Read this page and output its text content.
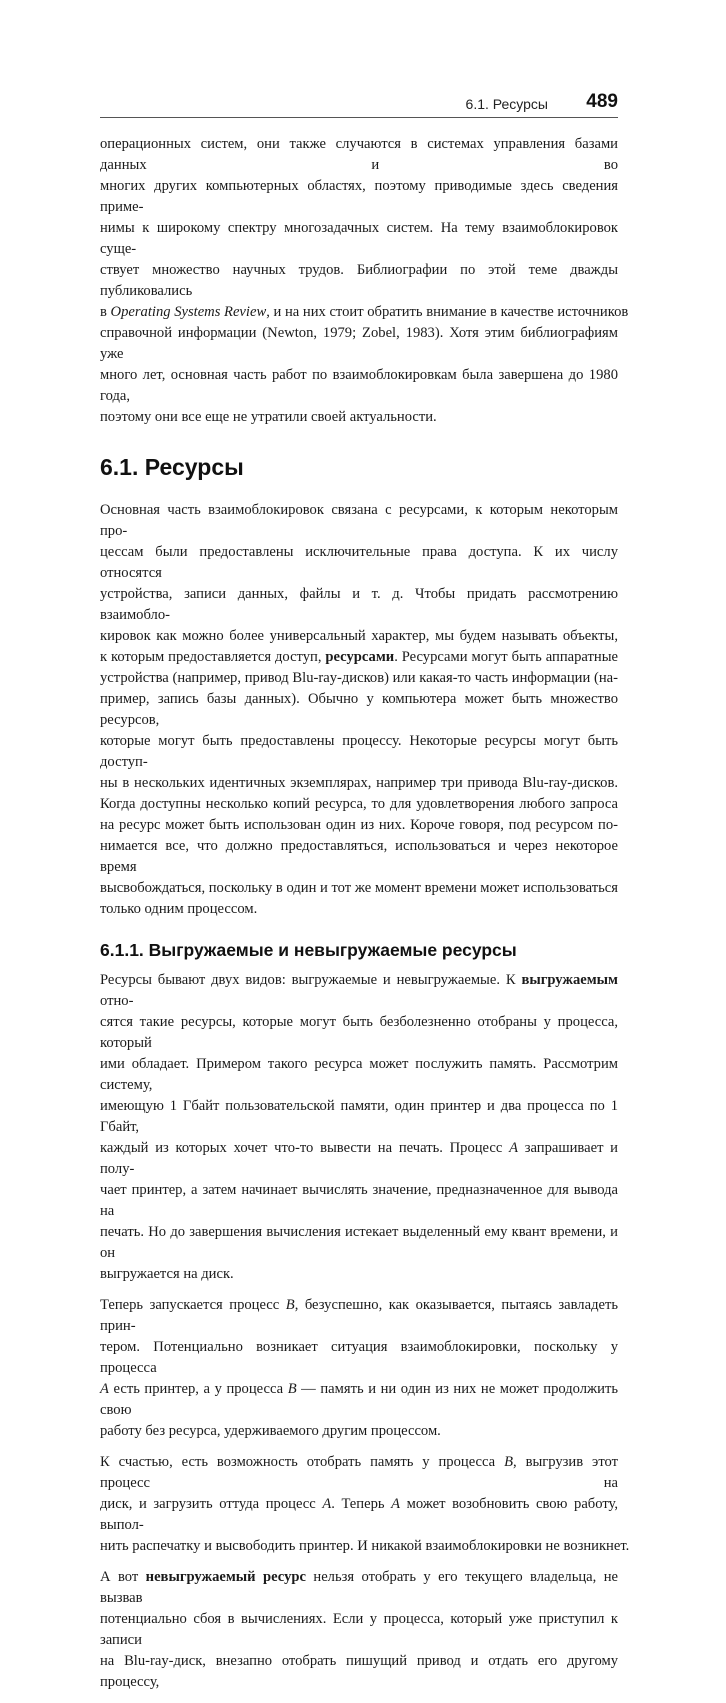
6.1. Ресурсы 489

операционных систем, они также случаются в системах управления базами данных и во
многих других компьютерных областях, поэтому приводимые здесь сведения приме-
нимы к широкому спектру многозадачных систем. На тему взаимоблокировок суще-
ствует множество научных трудов. Библиографии по этой теме дважды публиковались
в Operating Systems Review, и на них стоит обратить внимание в качестве источников
справочной информации (Newton, 1979; Zobel, 1983). Хотя этим библиографиям уже
много лет, основная часть работ по взаимоблокировкам была завершена до 1980 года,
поэтому они все еще не утратили своей актуальности.

6.1. Ресурсы

Основная часть взаимоблокировок связана с ресурсами, к которым некоторым про-
цессам были предоставлены исключительные права доступа. К их числу относятся
устройства, записи данных, файлы и т. д. Чтобы придать рассмотрению взаимобло-
кировок как можно более универсальный характер, мы будем называть объекты,
к которым предоставляется доступ, ресурсами. Ресурсами могут быть аппаратные
устройства (например, привод Blu-ray-дисков) или какая-то часть информации (на-
пример, запись базы данных). Обычно у компьютера может быть множество ресурсов,
которые могут быть предоставлены процессу. Некоторые ресурсы могут быть доступ-
ны в нескольких идентичных экземплярах, например три привода Blu-ray-дисков.
Когда доступны несколько копий ресурса, то для удовлетворения любого запроса
на ресурс может быть использован один из них. Короче говоря, под ресурсом по-
нимается все, что должно предоставляться, использоваться и через некоторое время
высвобождаться, поскольку в один и тот же момент времени может использоваться
только одним процессом.

6.1.1. Выгружаемые и невыгружаемые ресурсы

Ресурсы бывают двух видов: выгружаемые и невыгружаемые. К выгружаемым отно-
сятся такие ресурсы, которые могут быть безболезненно отобраны у процесса, который
ими обладает. Примером такого ресурса может послужить память. Рассмотрим систему,
имеющую 1 Гбайт пользовательской памяти, один принтер и два процесса по 1 Гбайт,
каждый из которых хочет что-то вывести на печать. Процесс A запрашивает и полу-
чает принтер, а затем начинает вычислять значение, предназначенное для вывода на
печать. Но до завершения вычисления истекает выделенный ему квант времени, и он
выгружается на диск.

Теперь запускается процесс B, безуспешно, как оказывается, пытаясь завладеть прин-
тером. Потенциально возникает ситуация взаимоблокировки, поскольку у процесса
A есть принтер, а у процесса B — память и ни один из них не может продолжить свою
работу без ресурса, удерживаемого другим процессом.

К счастью, есть возможность отобрать память у процесса B, выгрузив этот процесс на
диск, и загрузить оттуда процесс A. Теперь A может возобновить свою работу, выпол-
нить распечатку и высвободить принтер. И никакой взаимоблокировки не возникнет.

А вот невыгружаемый ресурс нельзя отобрать у его текущего владельца, не вызвав
потенциально сбоя в вычислениях. Если у процесса, который уже приступил к записи
на Blu-ray-диск, внезапно отобрать пишущий привод и отдать его другому процессу,
